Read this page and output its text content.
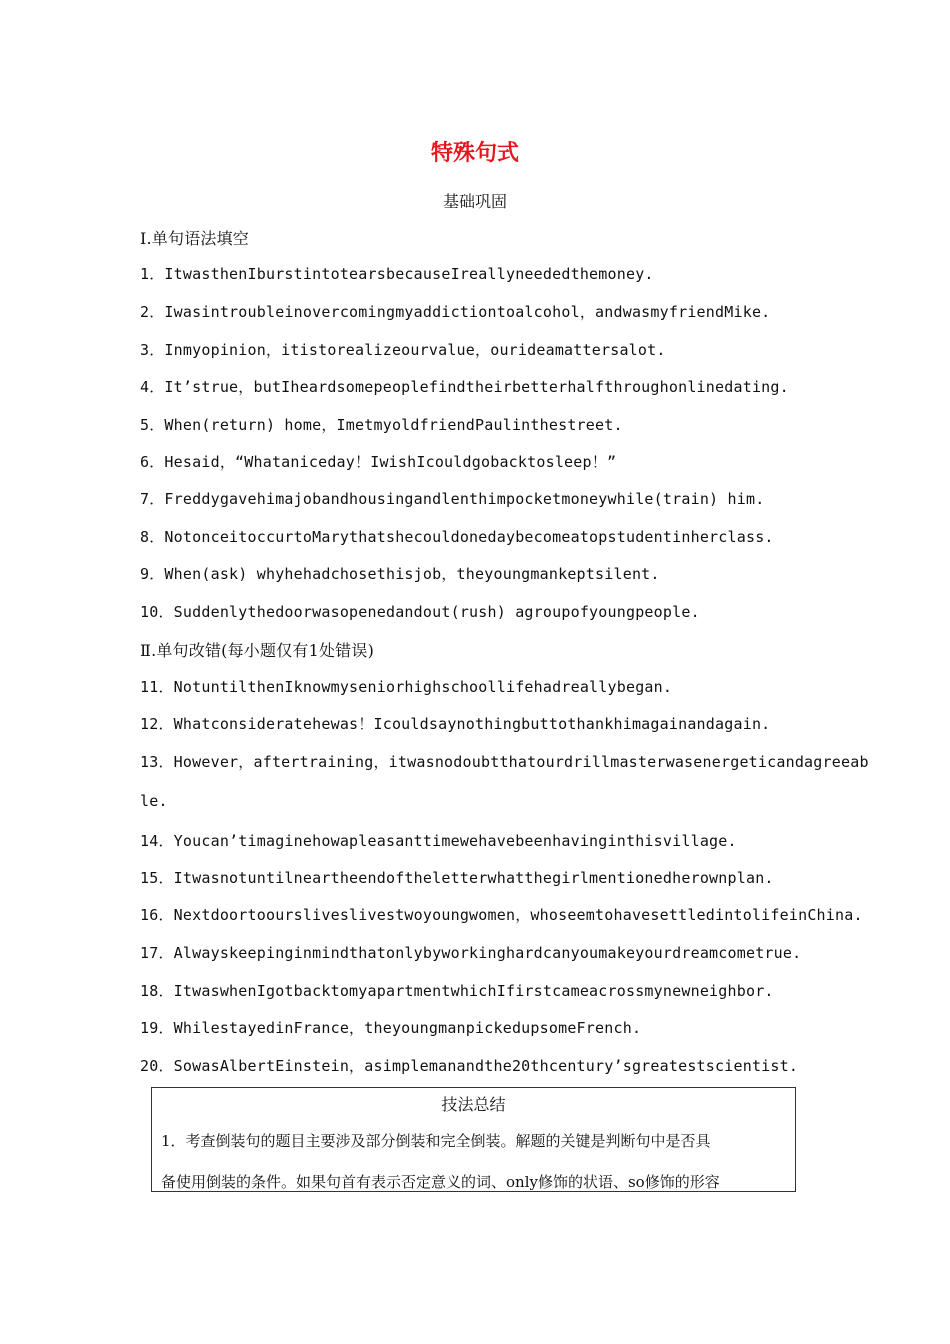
特殊句式
基础巩固
Ⅰ.单句语法填空
1．ItwasthenIburstintotearsbecauseIreallyneededthemoney.
2．Iwasintroubleinovercomingmyaddictiontoalcohol，andwasmyfriendMike.
3．Inmyopinion，itistorealizeourvalue，ourideamattersalot.
4．It’strue，butIheardsomepeoplefindtheirbetterhalfthroughonlinedating.
5．When(return) home，ImetmyoldfriendPaulinthestreet.
6．Hesaid，“Whataniceday！IwishIcouldgobacktosleep！”
7．Freddygavehimajobandhousingandlenthimpocketmoneywhile(train) him.
8．NotonceitoccurtoMarythatshecouldonedaybecomeatopstudentinherclass.
9．When(ask) whyhehadchosethisjob，theyoungmankeptsilent.
10．Suddenlythedoorwasopenedandout(rush) agroupofyoungpeople.
Ⅱ.单句改错(每小题仅有1处错误)
11．NotuntilthenIknowmyseniorhighschoollifehadreallybegan.
12．Whatconsideratehewas！Icouldsaynothingbuttothankhimagainandagain.
13．However，aftertraining，itwasnodoubtthatourdrillmasterwasenergeticandagreeab
le.
14．Youcan’timaginehowapleasanttimewehavebeenhavinginthisvillage.
15．Itwasnotuntilneartheendoftheletterwhatthegirlmentionedherownplan.
16．Nextdoortooursliveslivestwoyoungwomen，whoseemtohavesettledintolifeinChina.
17．Alwayskeepinginmindthatonlybyworkinghardcanyoumakeyourdreamcometrue.
18．ItwaswhenIgotbacktomyapartmentwhichIfirstcameacrossmynewneighbor.
19．WhilestayedinFrance，theyoungmanpickedupsomeFrench.
20．SowasAlbertEinstein，asimplemanandthe20thcentury’sgreatestscientist.
技法总结
1．考查倒装句的题目主要涉及部分倒装和完全倒装。解题的关键是判断句中是否具
备使用倒装的条件。如果句首有表示否定意义的词、only修饰的状语、so修饰的形容
